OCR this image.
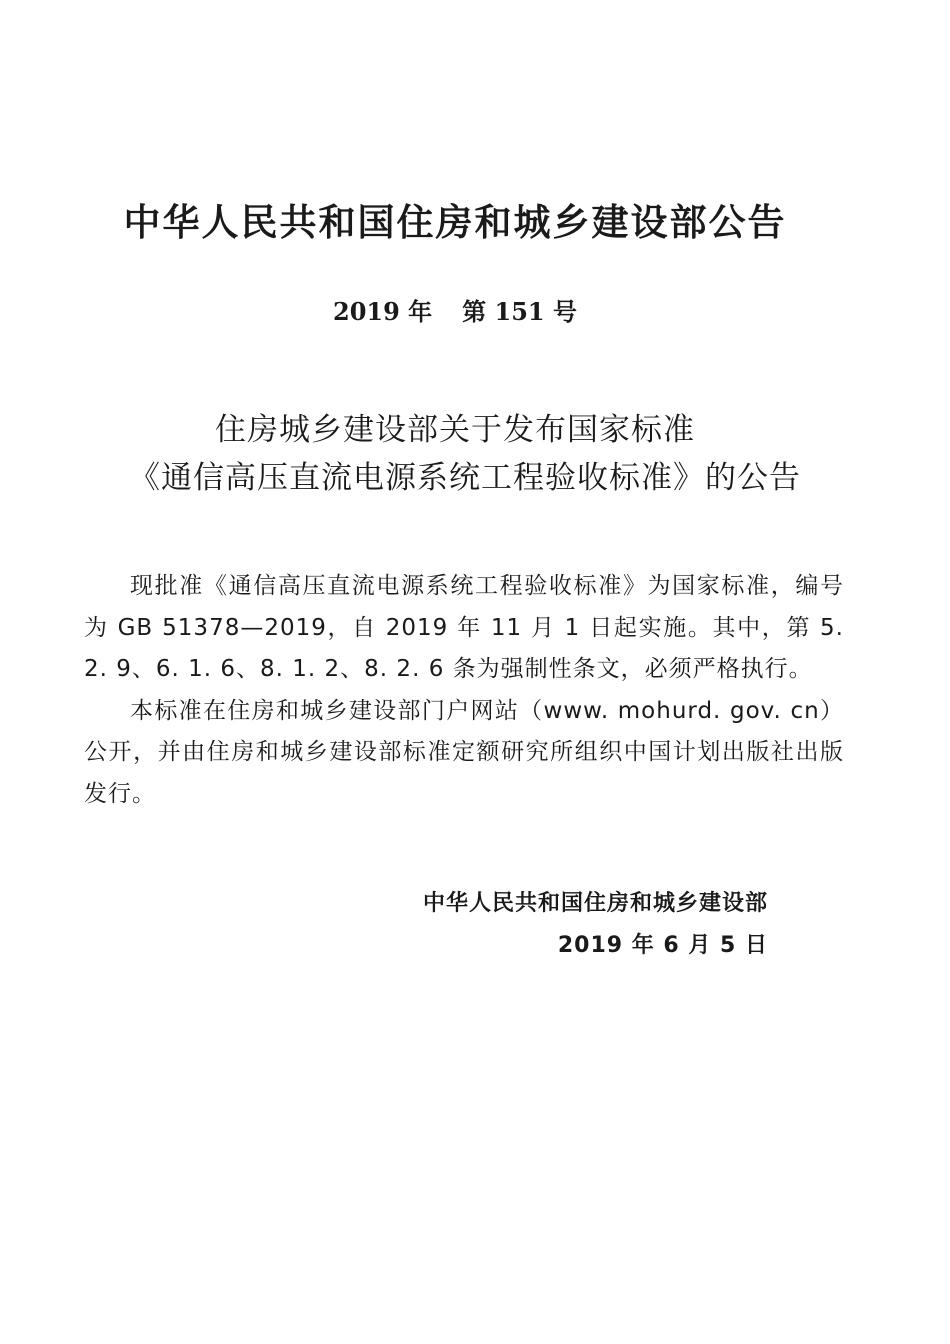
中华人民共和国住房和城乡建设部公告
2019 年 第 151 号
住房城乡建设部关于发布国家标准
《通信高压直流电源系统工程验收标准》的公告

现批准《通信高压直流电源系统工程验收标准》为国家标准，编号为 GB 51378—2019，自 2019 年 11 月 1 日起实施。其中，第 5. 2. 9、6. 1. 6、8. 1. 2、8. 2. 6 条为强制性条文，必须严格执行。

本标准在住房和城乡建设部门户网站（www. mohurd. gov. cn）公开，并由住房和城乡建设部标准定额研究所组织中国计划出版社出版发行。

中华人民共和国住房和城乡建设部
2019 年 6 月 5 日
